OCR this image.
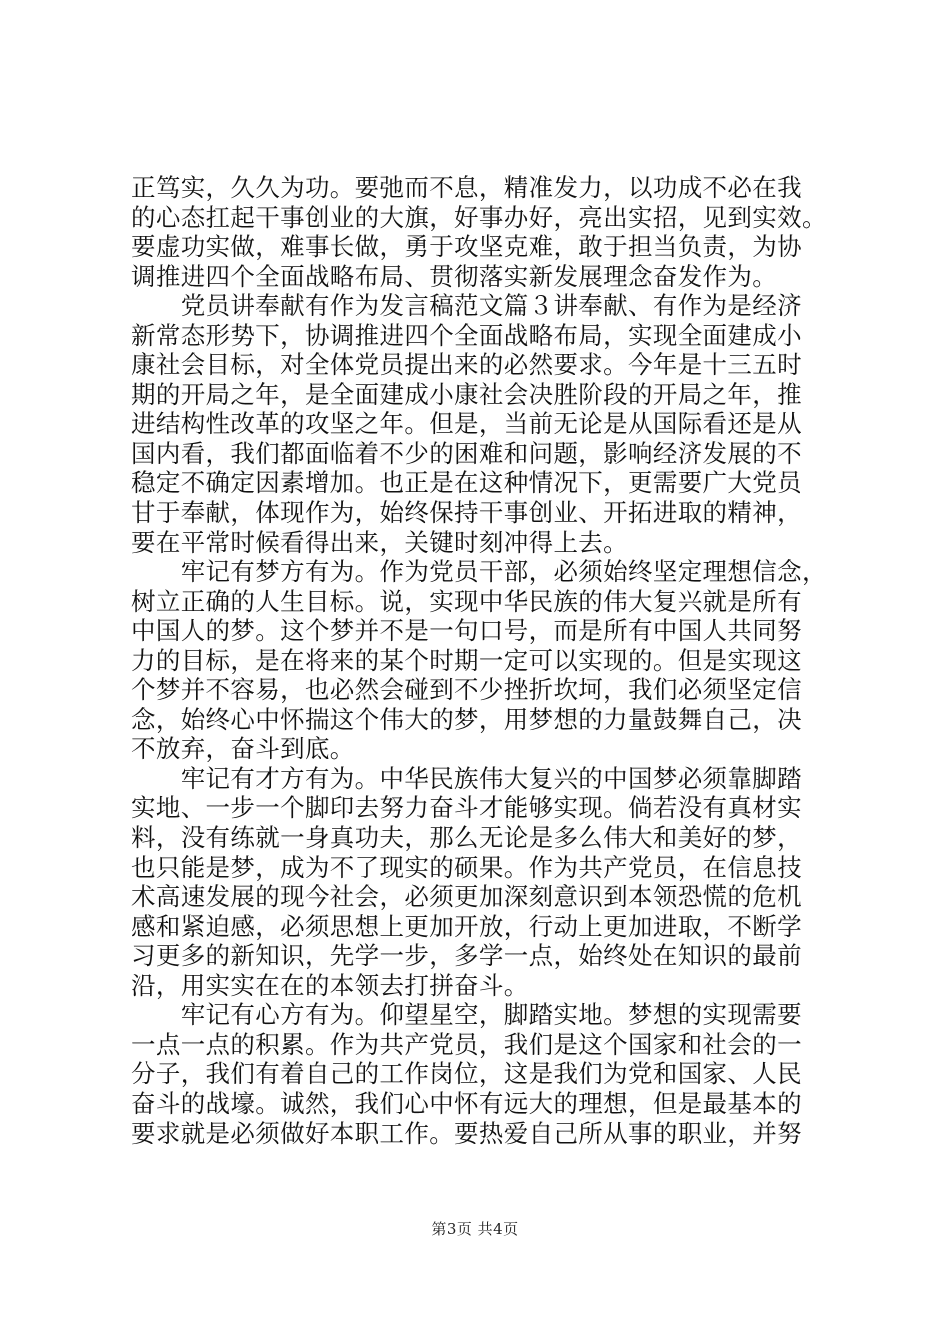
正笃实，久久为功。要弛而不息，精准发力，以功成不必在我
的心态扛起干事创业的大旗，好事办好，亮出实招，见到实效。
要虚功实做，难事长做，勇于攻坚克难，敢于担当负责，为协
调推进四个全面战略布局、贯彻落实新发展理念奋发作为。
　　党员讲奉献有作为发言稿范文篇３讲奉献、有作为是经济
新常态形势下，协调推进四个全面战略布局，实现全面建成小
康社会目标，对全体党员提出来的必然要求。今年是十三五时
期的开局之年，是全面建成小康社会决胜阶段的开局之年，推
进结构性改革的攻坚之年。但是，当前无论是从国际看还是从
国内看，我们都面临着不少的困难和问题，影响经济发展的不
稳定不确定因素增加。也正是在这种情况下，更需要广大党员
甘于奉献，体现作为，始终保持干事创业、开拓进取的精神，
要在平常时候看得出来，关键时刻冲得上去。
　　牢记有梦方有为。作为党员干部，必须始终坚定理想信念，
树立正确的人生目标。说，实现中华民族的伟大复兴就是所有
中国人的梦。这个梦并不是一句口号，而是所有中国人共同努
力的目标，是在将来的某个时期一定可以实现的。但是实现这
个梦并不容易，也必然会碰到不少挫折坎坷，我们必须坚定信
念，始终心中怀揣这个伟大的梦，用梦想的力量鼓舞自己，决
不放弃，奋斗到底。
　　牢记有才方有为。中华民族伟大复兴的中国梦必须靠脚踏
实地、一步一个脚印去努力奋斗才能够实现。倘若没有真材实
料，没有练就一身真功夫，那么无论是多么伟大和美好的梦，
也只能是梦，成为不了现实的硕果。作为共产党员，在信息技
术高速发展的现今社会，必须更加深刻意识到本领恐慌的危机
感和紧迫感，必须思想上更加开放，行动上更加进取，不断学
习更多的新知识，先学一步，多学一点，始终处在知识的最前
沿，用实实在在的本领去打拼奋斗。
　　牢记有心方有为。仰望星空，脚踏实地。梦想的实现需要
一点一点的积累。作为共产党员，我们是这个国家和社会的一
分子，我们有着自己的工作岗位，这是我们为党和国家、人民
奋斗的战壕。诚然，我们心中怀有远大的理想，但是最基本的
要求就是必须做好本职工作。要热爱自己所从事的职业，并努
第3页 共4页
